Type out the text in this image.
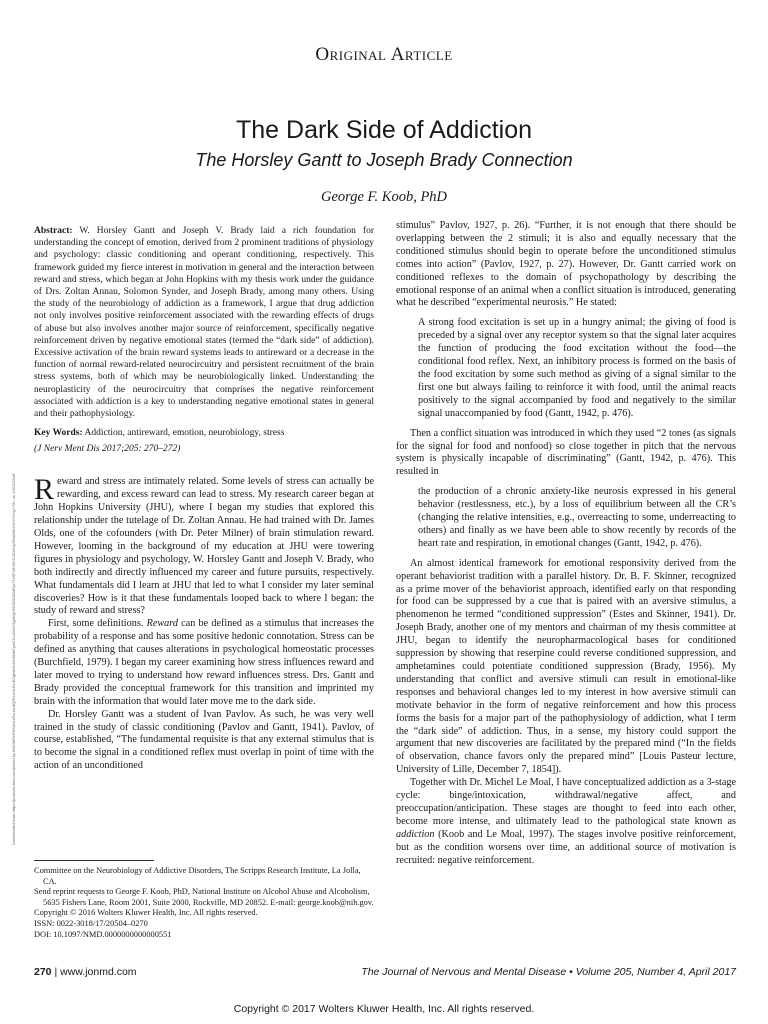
Original Article
The Dark Side of Addiction
The Horsley Gantt to Joseph Brady Connection
George F. Koob, PhD
Downloaded from https://journals.lww.com/jonmd by BhDMf5ePHKav1zEoum1tQfN4a+kJLhEZgbsIHo4XMi0hCywCX1AWnYQp/IlQrHD3i3D0OdRyi7TvSFl4Cf3VC4/OAVpDDa8KKGKV0Ymy+78= on 10/13/2018

Abstract: W. Horsley Gantt and Joseph V. Brady laid a rich foundation for understanding the concept of emotion, derived from 2 prominent traditions of physiology and psychology: classic conditioning and operant conditioning, respectively. This framework guided my fierce interest in motivation in general and the interaction between reward and stress, which began at John Hopkins with my thesis work under the guidance of Drs. Zoltan Annau, Solomon Synder, and Joseph Brady, among many others. Using the study of the neurobiology of addiction as a framework, I argue that drug addiction not only involves positive reinforcement associated with the rewarding effects of drugs of abuse but also involves another major source of reinforcement, specifically negative reinforcement driven by negative emotional states (termed the “dark side” of addiction). Excessive activation of the brain reward systems leads to antireward or a decrease in the function of normal reward-related neurocircuitry and persistent recruitment of the brain stress systems, both of which may be neurobiologically linked. Understanding the neuroplasticity of the neurocircuitry that comprises the negative reinforcement associated with addiction is a key to understanding negative emotional states in general and their pathophysiology.

Key Words: Addiction, antireward, emotion, neurobiology, stress

(J Nerv Ment Dis 2017;205: 270–272)

Reward and stress are intimately related. Some levels of stress can actually be rewarding, and excess reward can lead to stress. My research career began at John Hopkins University (JHU), where I began my studies that explored this relationship under the tutelage of Dr. Zoltan Annau. He had trained with Dr. James Olds, one of the cofounders (with Dr. Peter Milner) of brain stimulation reward. However, looming in the background of my education at JHU were towering figures in physiology and psychology, W. Horsley Gantt and Joseph V. Brady, who both indirectly and directly influenced my career and future pursuits, respectively. What fundamentals did I learn at JHU that led to what I consider my later seminal discoveries? How is it that these fundamentals looped back to where I began: the study of reward and stress?

First, some definitions. Reward can be defined as a stimulus that increases the probability of a response and has some positive hedonic connotation. Stress can be defined as anything that causes alterations in psychological homeostatic processes (Burchfield, 1979). I began my career examining how stress influences reward and later moved to trying to understand how reward influences stress. Drs. Gantt and Brady provided the conceptual framework for this transition and imprinted my brain with the information that would later move me to the dark side.

Dr. Horsley Gantt was a student of Ivan Pavlov. As such, he was very well trained in the study of classic conditioning (Pavlov and Gantt, 1941). Pavlov, of course, established, “The fundamental requisite is that any external stimulus that is to become the signal in a conditioned reflex must overlap in point of time with the action of an unconditioned

Committee on the Neurobiology of Addictive Disorders, The Scripps Research Institute, La Jolla, CA.
Send reprint requests to George F. Koob, PhD, National Institute on Alcohol Abuse and Alcoholism, 5635 Fishers Lane, Room 2001, Suite 2000, Rockville, MD 20852. E-mail: george.koob@nih.gov.
Copyright © 2016 Wolters Kluwer Health, Inc. All rights reserved.
ISSN: 0022-3018/17/20504–0270
DOI: 10.1097/NMD.0000000000000551

stimulus” Pavlov, 1927, p. 26). “Further, it is not enough that there should be overlapping between the 2 stimuli; it is also and equally necessary that the conditioned stimulus should begin to operate before the unconditioned stimulus comes into action” (Pavlov, 1927, p. 27). However, Dr. Gantt carried work on conditioned reflexes to the domain of psychopathology by describing the emotional response of an animal when a conflict situation is introduced, generating what he described “experimental neurosis.” He stated:

A strong food excitation is set up in a hungry animal; the giving of food is preceded by a signal over any receptor system so that the signal later acquires the function of producing the food excitation without the food—the conditional food reflex. Next, an inhibitory process is formed on the basis of the food excitation by some such method as giving of a signal similar to the first one but always failing to reinforce it with food, until the animal reacts positively to the signal accompanied by food and negatively to the similar signal unaccompanied by food (Gantt, 1942, p. 476).

Then a conflict situation was introduced in which they used “2 tones (as signals for the signal for food and nonfood) so close together in pitch that the nervous system is physically incapable of discriminating” (Gantt, 1942, p. 476). This resulted in

the production of a chronic anxiety-like neurosis expressed in his general behavior (restlessness, etc.), by a loss of equilibrium between all the CR’s (changing the relative intensities, e.g., overreacting to some, underreacting to others) and finally as we have been able to show recently by records of the heart rate and respiration, in emotional changes (Gantt, 1942, p. 476).

An almost identical framework for emotional responsivity derived from the operant behaviorist tradition with a parallel history. Dr. B. F. Skinner, recognized as a prime mover of the behaviorist approach, identified early on that responding for food can be suppressed by a cue that is paired with an aversive stimulus, a phenomenon he termed “conditioned suppression” (Estes and Skinner, 1941). Dr. Joseph Brady, another one of my mentors and chairman of my thesis committee at JHU, began to identify the neuropharmacological bases for conditioned suppression by showing that reserpine could reverse conditioned suppression, and amphetamines could potentiate conditioned suppression (Brady, 1956). My understanding that conflict and aversive stimuli can result in emotional-like responses and behavioral changes led to my interest in how aversive stimuli can motivate behavior in the form of negative reinforcement and how this process forms the basis for a major part of the pathophysiology of addiction, what I term the “dark side” of addiction. Thus, in a sense, my history could support the argument that new discoveries are facilitated by the prepared mind (“In the fields of observation, chance favors only the prepared mind” [Louis Pasteur lecture, University of Lille, December 7, 1854]).

Together with Dr. Michel Le Moal, I have conceptualized addiction as a 3-stage cycle: binge/intoxication, withdrawal/negative affect, and preoccupation/anticipation. These stages are thought to feed into each other, become more intense, and ultimately lead to the pathological state known as addiction (Koob and Le Moal, 1997). The stages involve positive reinforcement, but as the condition worsens over time, an additional source of motivation is recruited: negative reinforcement.

270 | www.jonmd.com	The Journal of Nervous and Mental Disease • Volume 205, Number 4, April 2017
Copyright © 2017 Wolters Kluwer Health, Inc. All rights reserved.
